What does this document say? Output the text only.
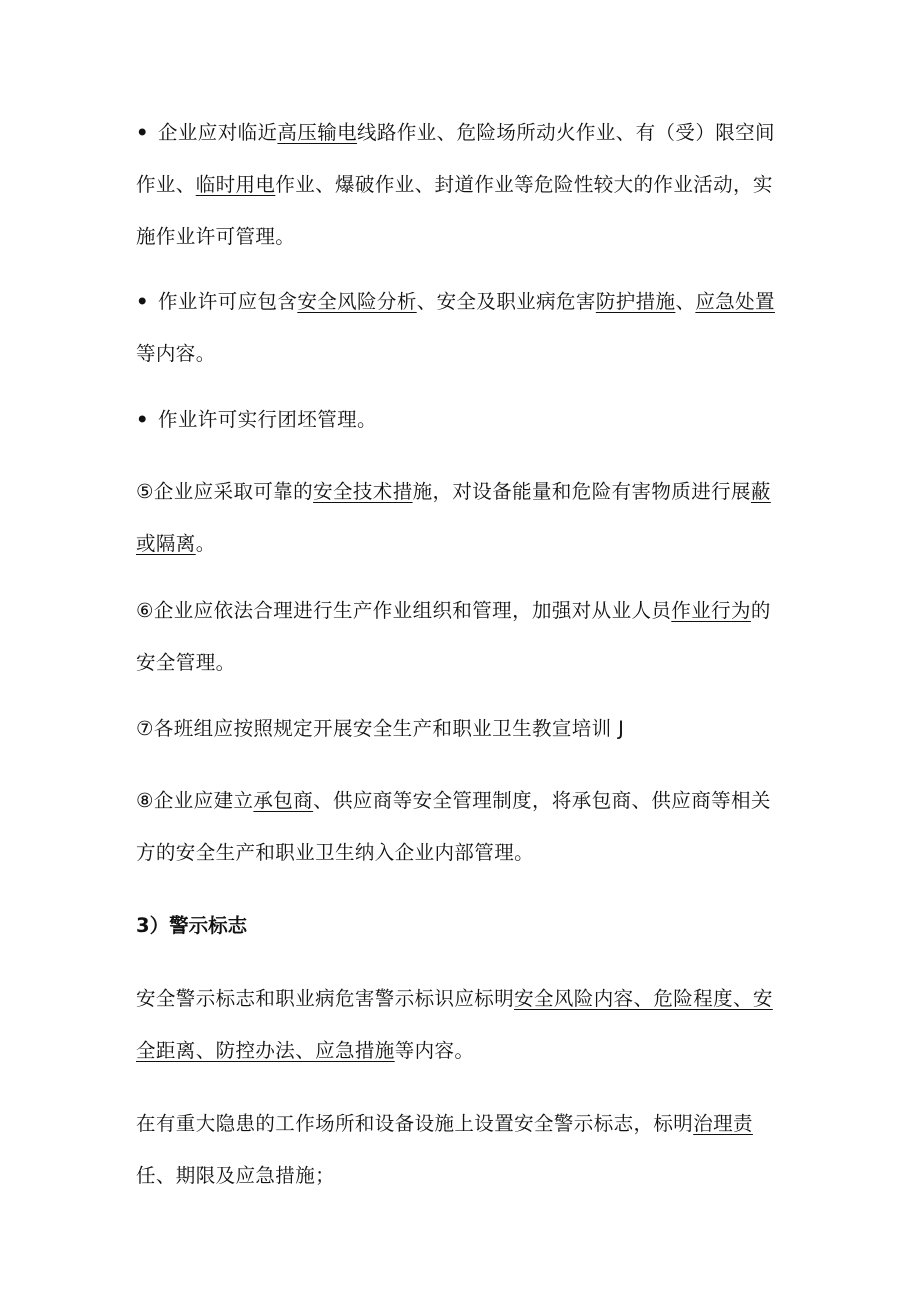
• 企业应对临近高压输电线路作业、危险场所动火作业、有（受）限空间作业、临时用电作业、爆破作业、封道作业等危险性较大的作业活动，实施作业许可管理。

• 作业许可应包含安全风险分析、安全及职业病危害防护措施、应急处置等内容。

• 作业许可实行团坯管理。

⑤企业应采取可靠的安全技术措施，对设备能量和危险有害物质进行展蔽或隔离。

⑥企业应依法合理进行生产作业组织和管理，加强对从业人员作业行为的安全管理。

⑦各班组应按照规定开展安全生产和职业卫生教宣培训 J

⑧企业应建立承包商、供应商等安全管理制度，将承包商、供应商等相关方的安全生产和职业卫生纳入企业内部管理。

3）警示标志

安全警示标志和职业病危害警示标识应标明安全风险内容、危险程度、安全距离、防控办法、应急措施等内容。

在有重大隐患的工作场所和设备设施上设置安全警示标志，标明治理责任、期限及应急措施；
